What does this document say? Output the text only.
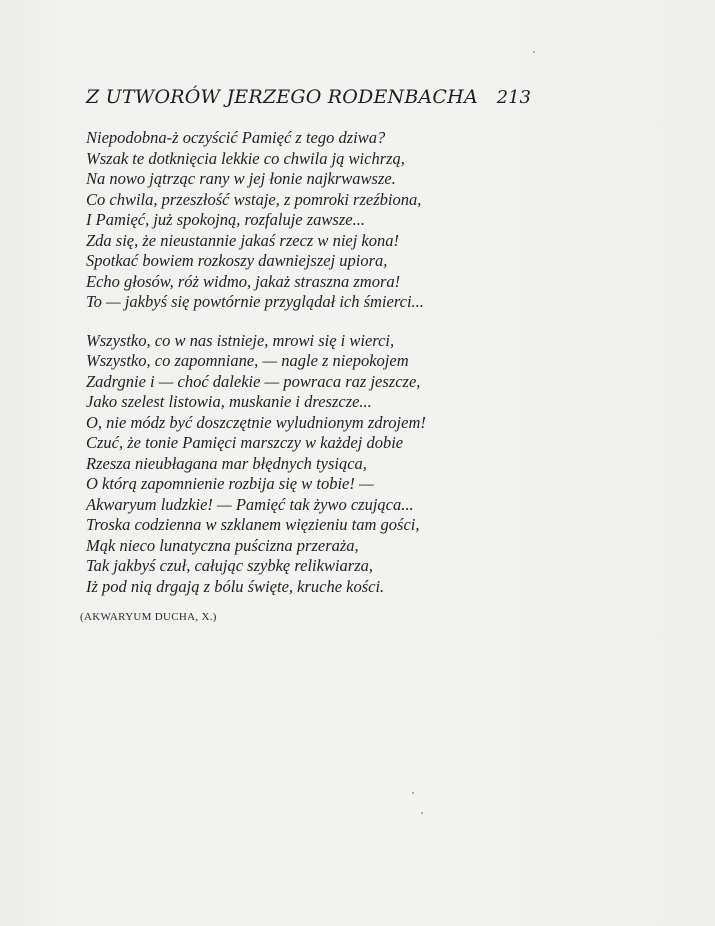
Z UTWORÓW JERZEGO RODENBACHA 213
Niepodobna-ż oczyścić Pamięć z tego dziwa?
Wszak te dotknięcia lekkie co chwila ją wichrzą,
Na nowo jątrząc rany w jej łonie najkrwawsze.
Co chwila, przeszłość wstaje, z pomroki rzeźbiona,
I Pamięć, już spokojną, rozfaluje zawsze...
Zda się, że nieustannie jakaś rzecz w niej kona!
Spotkać bowiem rozkoszy dawniejszej upiora,
Echo głosów, róż widmo, jakaż straszna zmora!
To — jakbyś się powtórnie przyglądał ich śmierci...
Wszystko, co w nas istnieje, mrowi się i wierci,
Wszystko, co zapomniane, — nagle z niepokojem
Zadrgnie i — choć dalekie — powraca raz jeszcze,
Jako szelest listowia, muskanie i dreszcze...
O, nie módz być doszczętnie wyludnionym zdrojem!
Czuć, że tonie Pamięci marszczy w każdej dobie
Rzesza nieubłagana mar błędnych tysiąca,
O którą zapomnienie rozbija się w tobie! —
Akwaryum ludzkie! — Pamięć tak żywo czująca...
Troska codzienna w szklanem więzieniu tam gości,
Mąk nieco lunatyczna puścizna przeraża,
Tak jakbyś czuł, całując szybkę relikwiarza,
Iż pod nią drgają z bólu święte, kruche kości.
(AKWARYUM DUCHA, X.)
